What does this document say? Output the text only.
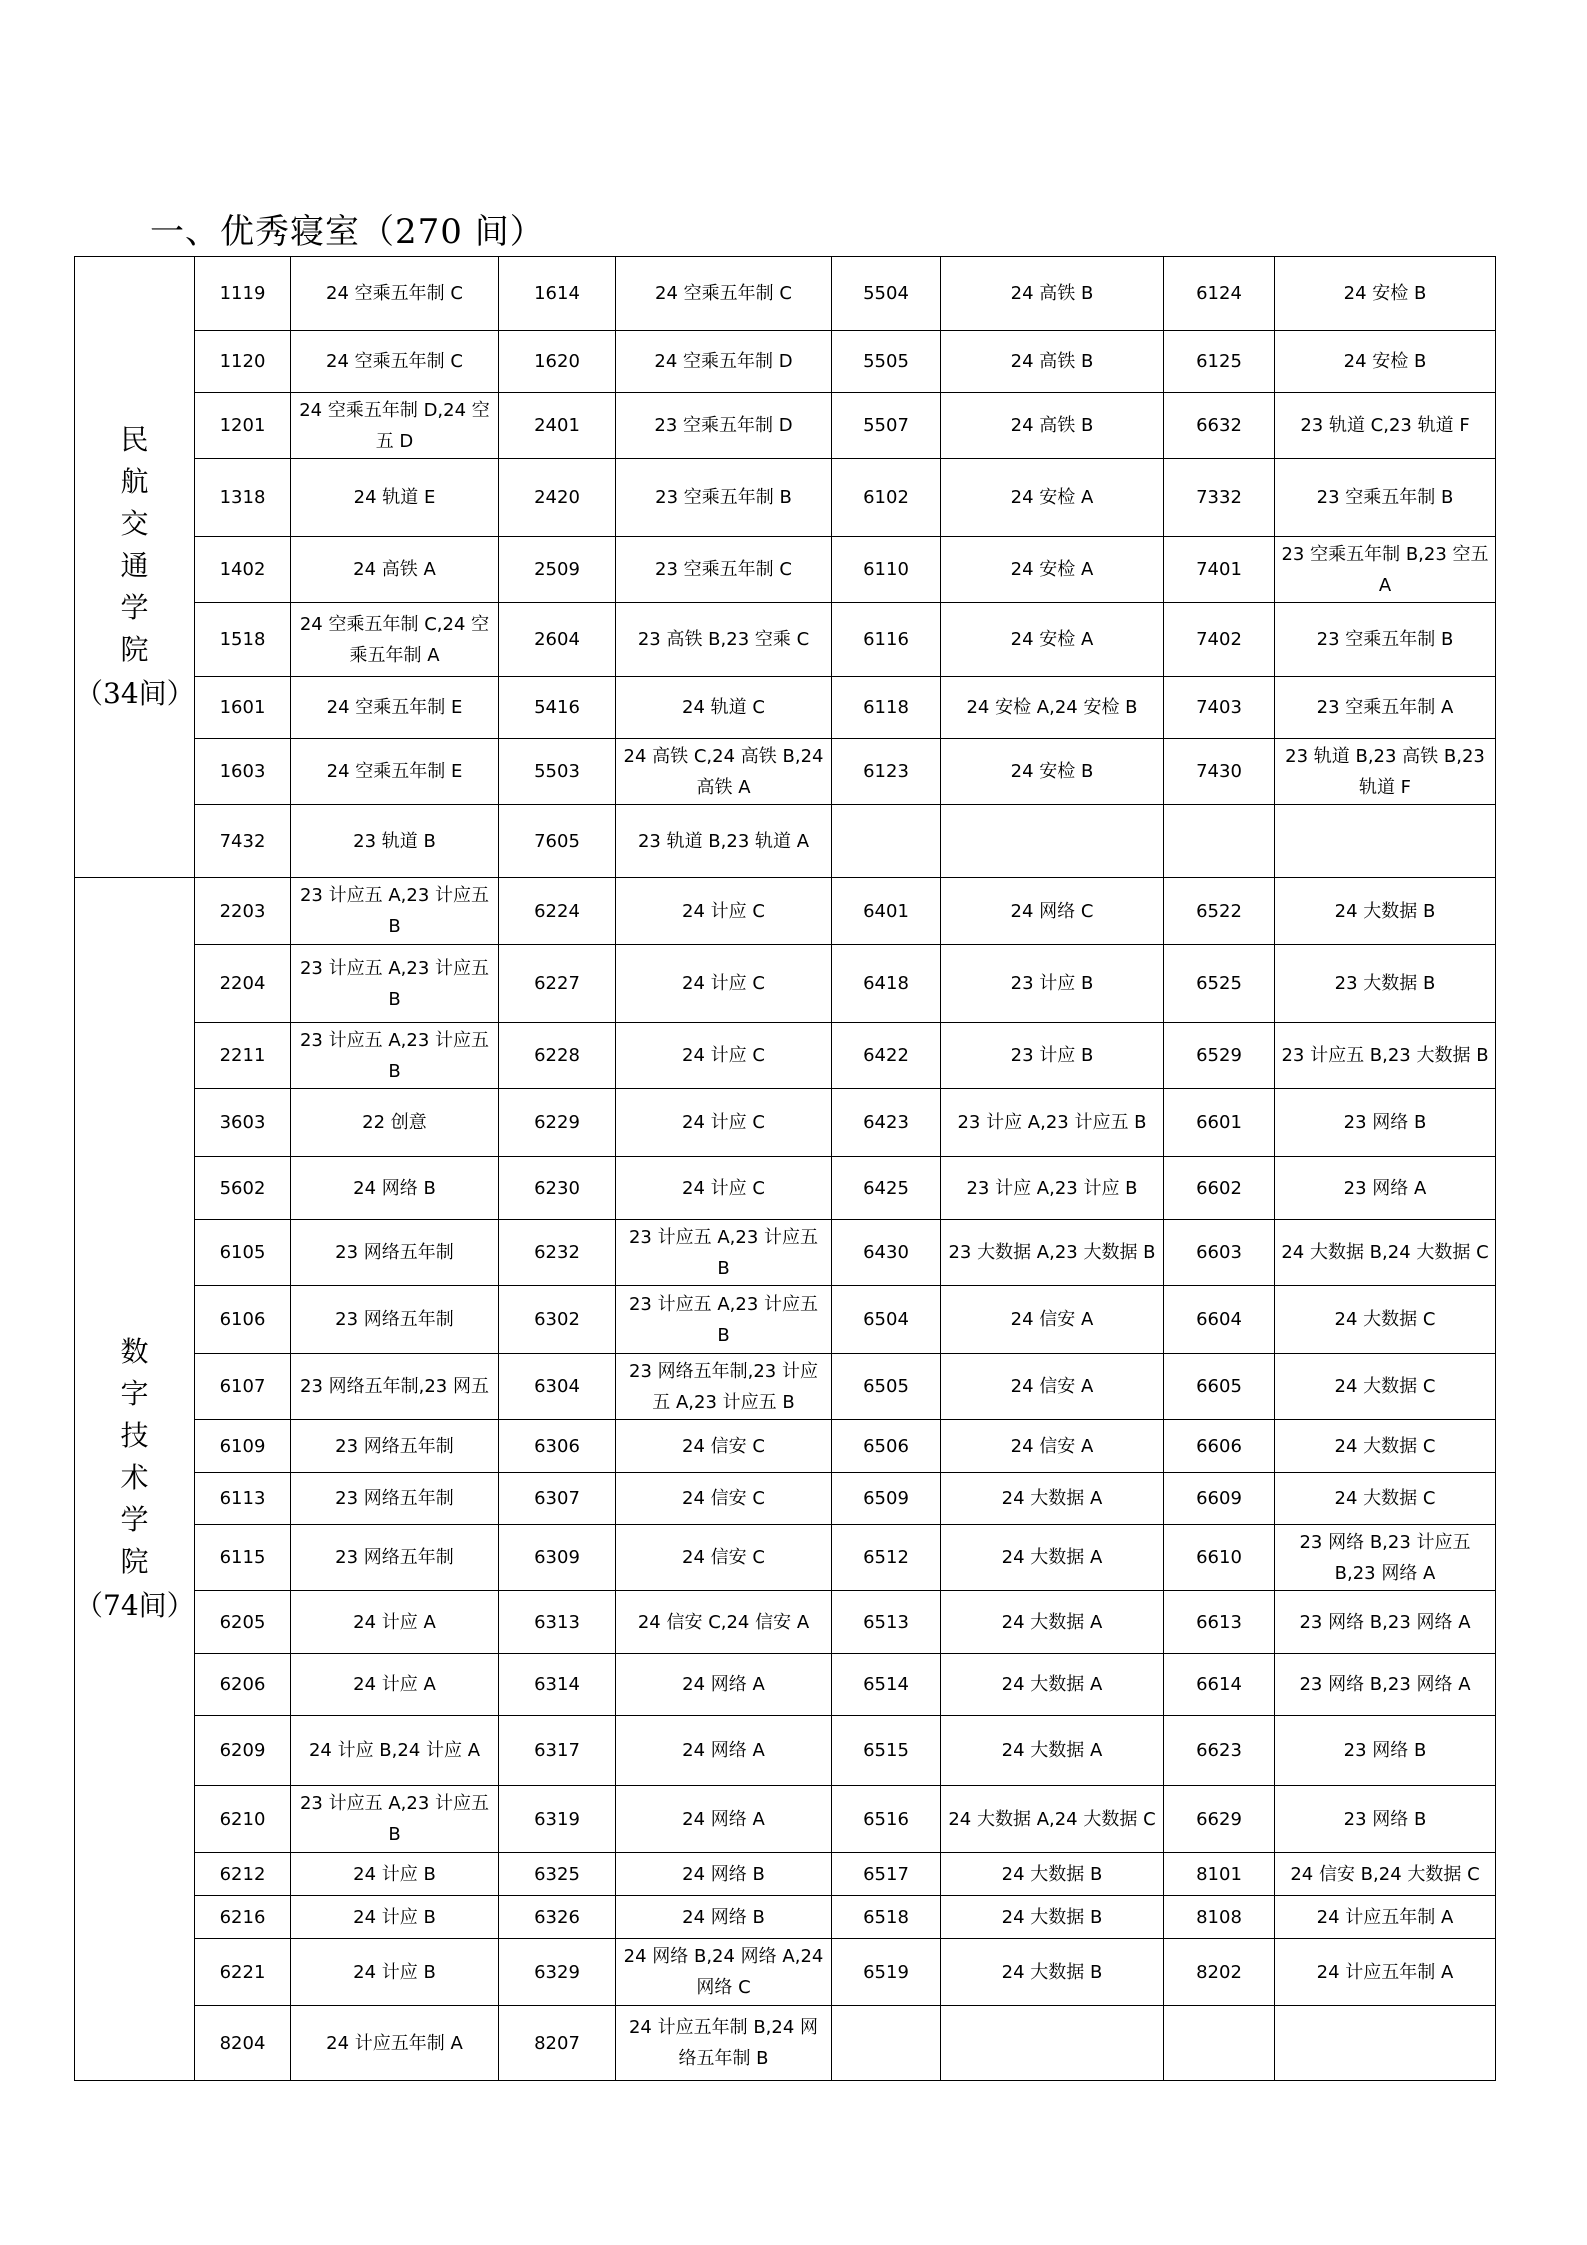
一、优秀寝室（270 间）
民航交通学院
（34间）	1119	24 空乘五年制 C	1614	24 空乘五年制 C	5504	24 高铁 B	6124	24 安检 B
	1120	24 空乘五年制 C	1620	24 空乘五年制 D	5505	24 高铁 B	6125	24 安检 B
	1201	24 空乘五年制 D,24 空五 D	2401	23 空乘五年制 D	5507	24 高铁 B	6632	23 轨道 C,23 轨道 F
	1318	24 轨道 E	2420	23 空乘五年制 B	6102	24 安检 A	7332	23 空乘五年制 B
	1402	24 高铁 A	2509	23 空乘五年制 C	6110	24 安检 A	7401	23 空乘五年制 B,23 空五 A
	1518	24 空乘五年制 C,24 空乘五年制 A	2604	23 高铁 B,23 空乘 C	6116	24 安检 A	7402	23 空乘五年制 B
	1601	24 空乘五年制 E	5416	24 轨道 C	6118	24 安检 A,24 安检 B	7403	23 空乘五年制 A
	1603	24 空乘五年制 E	5503	24 高铁 C,24 高铁 B,24 高铁 A	6123	24 安检 B	7430	23 轨道 B,23 高铁 B,23 轨道 F
	7432	23 轨道 B	7605	23 轨道 B,23 轨道 A				

数字技术学院
（74间）	2203	23 计应五 A,23 计应五 B	6224	24 计应 C	6401	24 网络 C	6522	24 大数据 B
	2204	23 计应五 A,23 计应五 B	6227	24 计应 C	6418	23 计应 B	6525	23 大数据 B
	2211	23 计应五 A,23 计应五 B	6228	24 计应 C	6422	23 计应 B	6529	23 计应五 B,23 大数据 B
	3603	22 创意	6229	24 计应 C	6423	23 计应 A,23 计应五 B	6601	23 网络 B
	5602	24 网络 B	6230	24 计应 C	6425	23 计应 A,23 计应 B	6602	23 网络 A
	6105	23 网络五年制	6232	23 计应五 A,23 计应五 B	6430	23 大数据 A,23 大数据 B	6603	24 大数据 B,24 大数据 C
	6106	23 网络五年制	6302	23 计应五 A,23 计应五 B	6504	24 信安 A	6604	24 大数据 C
	6107	23 网络五年制,23 网五	6304	23 网络五年制,23 计应五 A,23 计应五 B	6505	24 信安 A	6605	24 大数据 C
	6109	23 网络五年制	6306	24 信安 C	6506	24 信安 A	6606	24 大数据 C
	6113	23 网络五年制	6307	24 信安 C	6509	24 大数据 A	6609	24 大数据 C
	6115	23 网络五年制	6309	24 信安 C	6512	24 大数据 A	6610	23 网络 B,23 计应五 B,23 网络 A
	6205	24 计应 A	6313	24 信安 C,24 信安 A	6513	24 大数据 A	6613	23 网络 B,23 网络 A
	6206	24 计应 A	6314	24 网络 A	6514	24 大数据 A	6614	23 网络 B,23 网络 A
	6209	24 计应 B,24 计应 A	6317	24 网络 A	6515	24 大数据 A	6623	23 网络 B
	6210	23 计应五 A,23 计应五 B	6319	24 网络 A	6516	24 大数据 A,24 大数据 C	6629	23 网络 B
	6212	24 计应 B	6325	24 网络 B	6517	24 大数据 B	8101	24 信安 B,24 大数据 C
	6216	24 计应 B	6326	24 网络 B	6518	24 大数据 B	8108	24 计应五年制 A
	6221	24 计应 B	6329	24 网络 B,24 网络 A,24 网络 C	6519	24 大数据 B	8202	24 计应五年制 A
	8204	24 计应五年制 A	8207	24 计应五年制 B,24 网络五年制 B				
